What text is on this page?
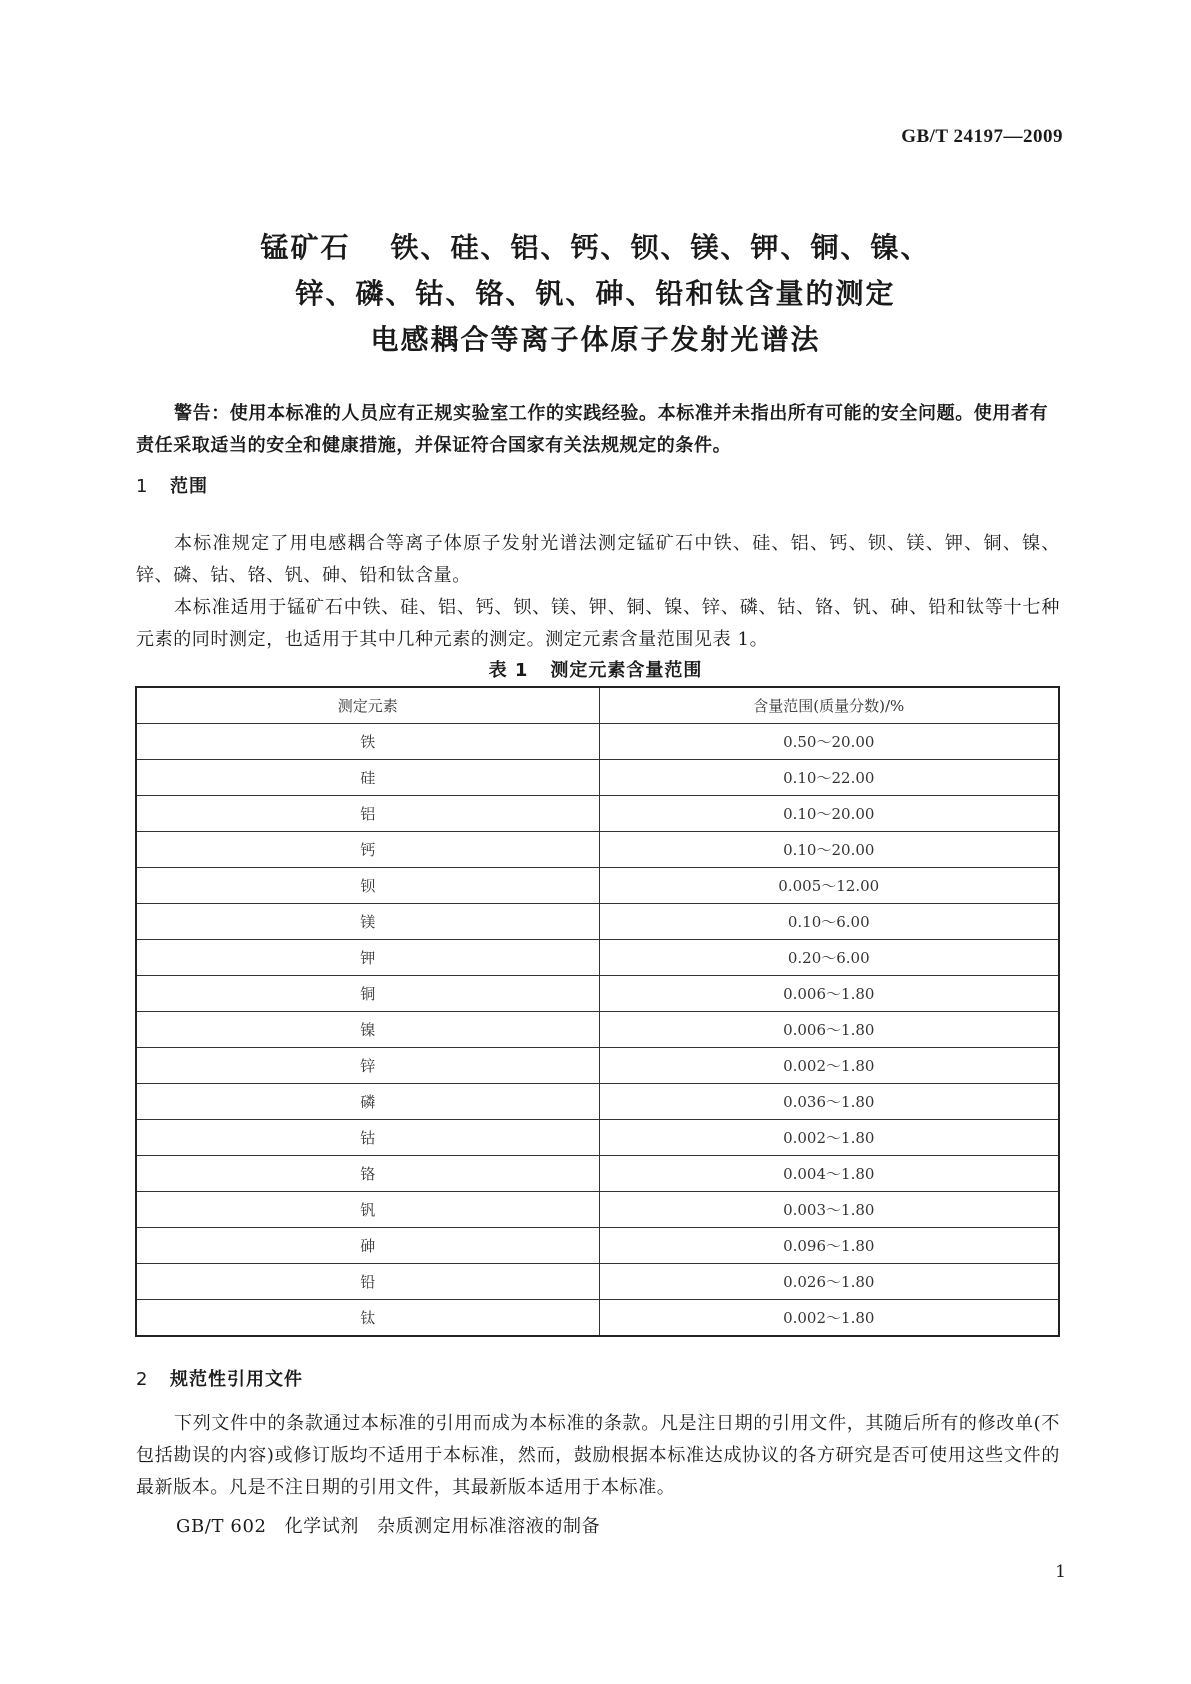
GB/T 24197—2009
锰矿石 铁、硅、铝、钙、钡、镁、钾、铜、镍、
锌、磷、钴、铬、钒、砷、铅和钛含量的测定
电感耦合等离子体原子发射光谱法
警告：使用本标准的人员应有正规实验室工作的实践经验。本标准并未指出所有可能的安全问题。使用者有责任采取适当的安全和健康措施，并保证符合国家有关法规规定的条件。
1 范围
本标准规定了用电感耦合等离子体原子发射光谱法测定锰矿石中铁、硅、铝、钙、钡、镁、钾、铜、镍、锌、磷、钴、铬、钒、砷、铅和钛含量。
本标准适用于锰矿石中铁、硅、铝、钙、钡、镁、钾、铜、镍、锌、磷、钴、铬、钒、砷、铅和钛等十七种元素的同时测定，也适用于其中几种元素的测定。测定元素含量范围见表 1。
表 1 测定元素含量范围
测定元素	含量范围(质量分数)/%
铁	0.50～20.00
硅	0.10～22.00
铝	0.10～20.00
钙	0.10～20.00
钡	0.005～12.00
镁	0.10～6.00
钾	0.20～6.00
铜	0.006～1.80
镍	0.006～1.80
锌	0.002～1.80
磷	0.036～1.80
钴	0.002～1.80
铬	0.004～1.80
钒	0.003～1.80
砷	0.096～1.80
铅	0.026～1.80
钛	0.002～1.80
2 规范性引用文件
下列文件中的条款通过本标准的引用而成为本标准的条款。凡是注日期的引用文件，其随后所有的修改单(不包括勘误的内容)或修订版均不适用于本标准，然而，鼓励根据本标准达成协议的各方研究是否可使用这些文件的最新版本。凡是不注日期的引用文件，其最新版本适用于本标准。
GB/T 602 化学试剂 杂质测定用标准溶液的制备
1
